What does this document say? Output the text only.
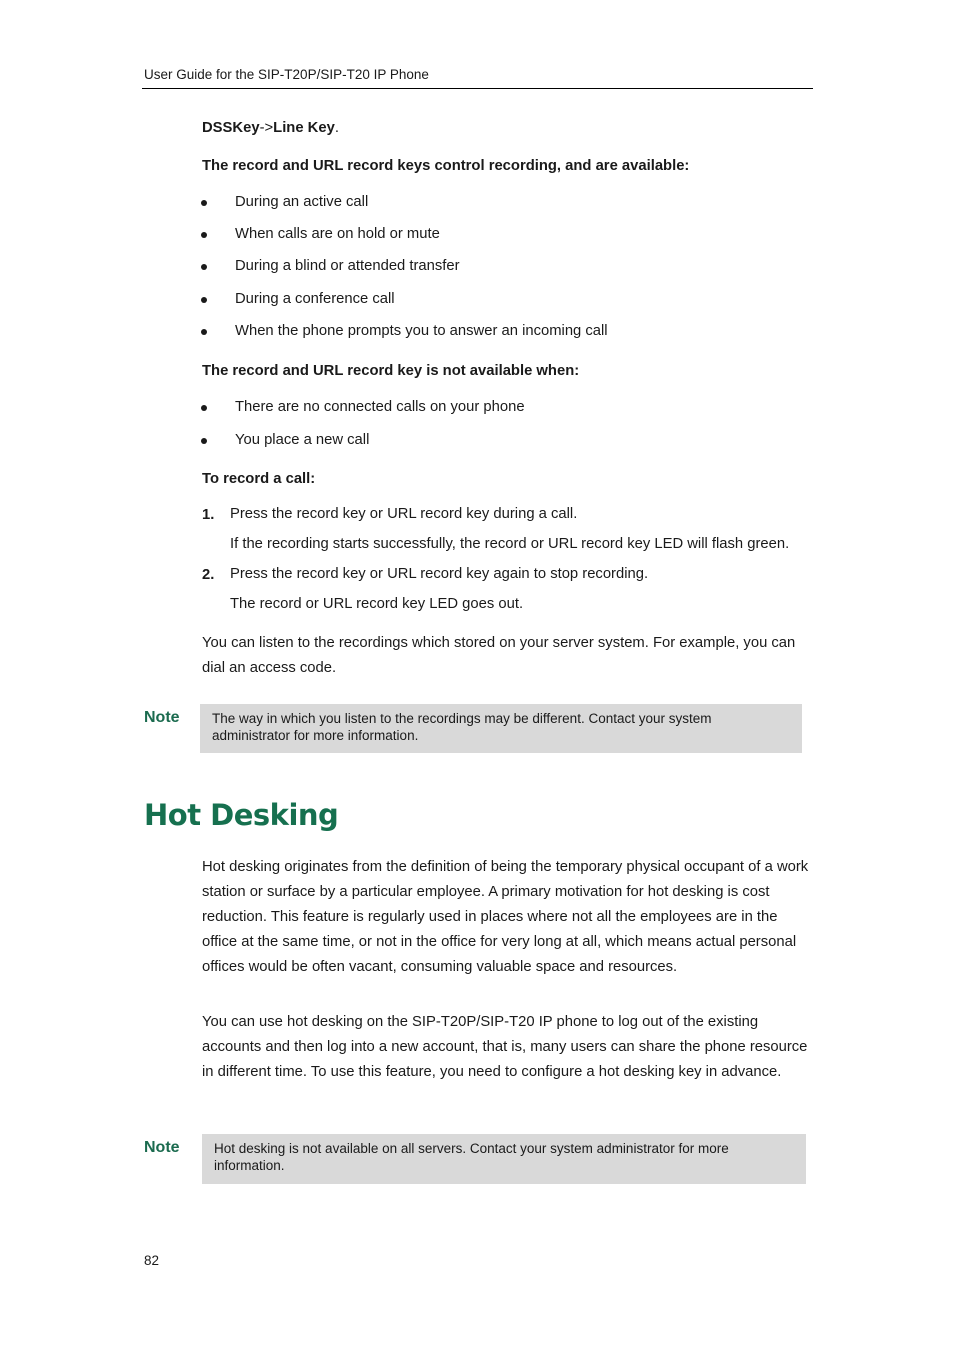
User Guide for the SIP-T20P/SIP-T20 IP Phone
DSSKey->Line Key.
The record and URL record keys control recording, and are available:
During an active call
When calls are on hold or mute
During a blind or attended transfer
During a conference call
When the phone prompts you to answer an incoming call
The record and URL record key is not available when:
There are no connected calls on your phone
You place a new call
To record a call:
1. Press the record key or URL record key during a call.
If the recording starts successfully, the record or URL record key LED will flash green.
2. Press the record key or URL record key again to stop recording.
The record or URL record key LED goes out.
You can listen to the recordings which stored on your server system. For example, you can dial an access code.
Note	The way in which you listen to the recordings may be different. Contact your system administrator for more information.
Hot Desking
Hot desking originates from the definition of being the temporary physical occupant of a work station or surface by a particular employee. A primary motivation for hot desking is cost reduction. This feature is regularly used in places where not all the employees are in the office at the same time, or not in the office for very long at all, which means actual personal offices would be often vacant, consuming valuable space and resources.
You can use hot desking on the SIP-T20P/SIP-T20 IP phone to log out of the existing accounts and then log into a new account, that is, many users can share the phone resource in different time. To use this feature, you need to configure a hot desking key in advance.
Note	Hot desking is not available on all servers. Contact your system administrator for more information.
82
